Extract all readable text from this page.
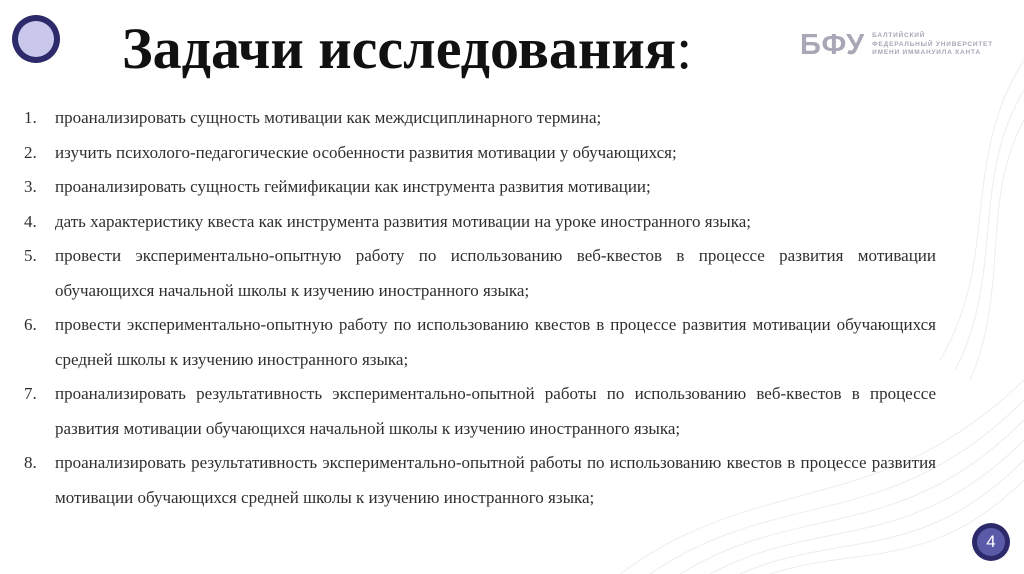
Задачи исследования:	БФУ БАЛТИЙСКИЙ
ФЕДЕРАЛЬНЫЙ УНИВЕРСИТЕТ
ИМЕНИ ИММАНУИЛА КАНТА
1.	проанализировать сущность мотивации как междисциплинарного термина;
2.	изучить психолого-педагогические особенности развития мотивации у обучающихся;
3.	проанализировать сущность геймификации как инструмента развития мотивации;
4.	дать характеристику квеста как инструмента развития мотивации на уроке иностранного языка;
5.	провести экспериментально-опытную работу по использованию веб-квестов в процессе развития мотивации обучающихся начальной школы к изучению иностранного языка;
6.	провести экспериментально-опытную работу по использованию квестов в процессе развития мотивации обучающихся средней школы к изучению иностранного языка;
7.	проанализировать результативность экспериментально-опытной работы по использованию веб-квестов в процессе развития мотивации обучающихся начальной школы к изучению иностранного языка;
8.	проанализировать результативность экспериментально-опытной работы по использованию квестов в процессе развития мотивации обучающихся средней школы к изучению иностранного языка;
4
